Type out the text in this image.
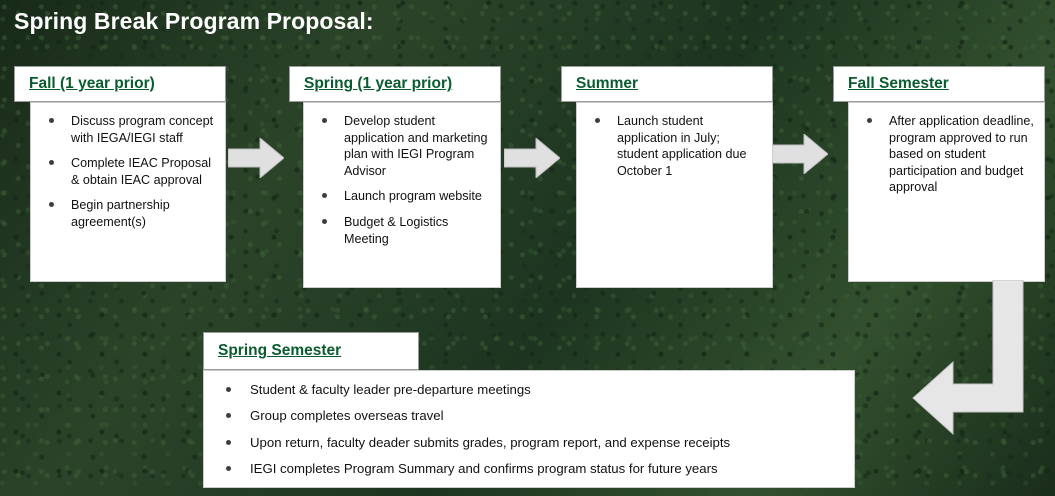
Spring Break Program Proposal:
Fall (1 year prior)
Discuss program concept with IEGA/IEGI staff
Complete IEAC Proposal & obtain IEAC approval
Begin partnership agreement(s)
Spring (1 year prior)
Develop student application and marketing plan with IEGI Program Advisor
Launch program website
Budget & Logistics Meeting
Summer
Launch student application in July; student application due October 1
Fall Semester
After application deadline, program approved to run based on student participation and budget approval
Spring Semester
Student & faculty leader pre-departure meetings
Group completes overseas travel
Upon return, faculty deader submits grades, program report, and expense receipts
IEGI completes Program Summary and confirms program status for future years
